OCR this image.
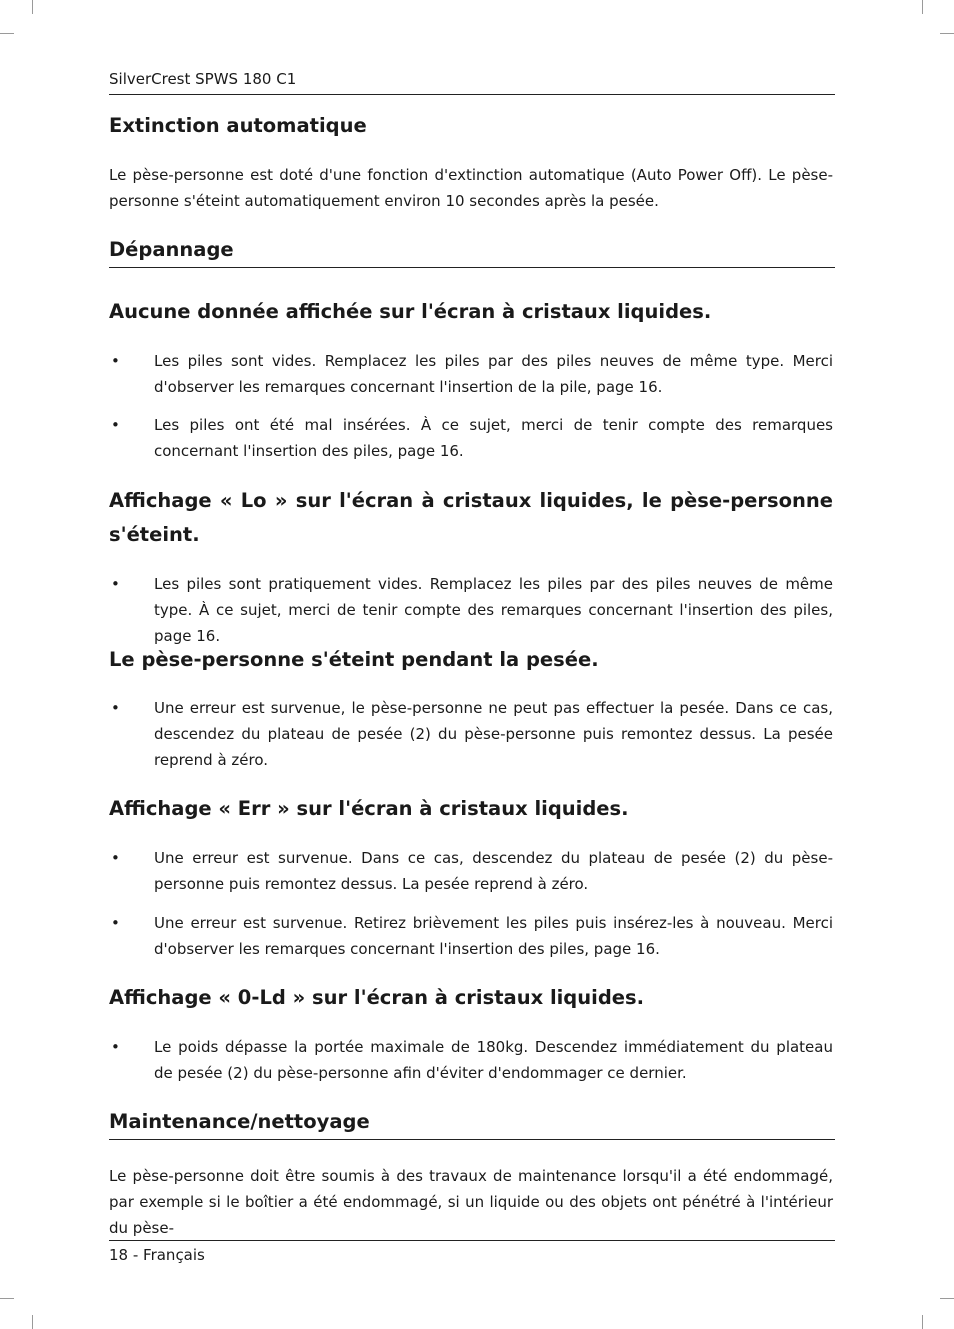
SilverCrest SPWS 180 C1
Extinction automatique
Le pèse-personne est doté d'une fonction d'extinction automatique (Auto Power Off). Le pèse-personne s'éteint automatiquement environ 10 secondes après la pesée.
Dépannage
Aucune donnée affichée sur l'écran à cristaux liquides.
• Les piles sont vides. Remplacez les piles par des piles neuves de même type. Merci d'observer les remarques concernant l'insertion de la pile, page 16.
• Les piles ont été mal insérées. À ce sujet, merci de tenir compte des remarques concernant l'insertion des piles, page 16.
Affichage « Lo » sur l'écran à cristaux liquides, le pèse-personne s'éteint.
• Les piles sont pratiquement vides. Remplacez les piles par des piles neuves de même type. À ce sujet, merci de tenir compte des remarques concernant l'insertion des piles, page 16.
Le pèse-personne s'éteint pendant la pesée.
• Une erreur est survenue, le pèse-personne ne peut pas effectuer la pesée. Dans ce cas, descendez du plateau de pesée (2) du pèse-personne puis remontez dessus. La pesée reprend à zéro.
Affichage « Err » sur l'écran à cristaux liquides.
• Une erreur est survenue. Dans ce cas, descendez du plateau de pesée (2) du pèse-personne puis remontez dessus. La pesée reprend à zéro.
• Une erreur est survenue. Retirez brièvement les piles puis insérez-les à nouveau. Merci d'observer les remarques concernant l'insertion des piles, page 16.
Affichage « 0-Ld » sur l'écran à cristaux liquides.
• Le poids dépasse la portée maximale de 180kg. Descendez immédiatement du plateau de pesée (2) du pèse-personne afin d'éviter d'endommager ce dernier.
Maintenance/nettoyage
Le pèse-personne doit être soumis à des travaux de maintenance lorsqu'il a été endommagé, par exemple si le boîtier a été endommagé, si un liquide ou des objets ont pénétré à l'intérieur du pèse-
18 - Français
